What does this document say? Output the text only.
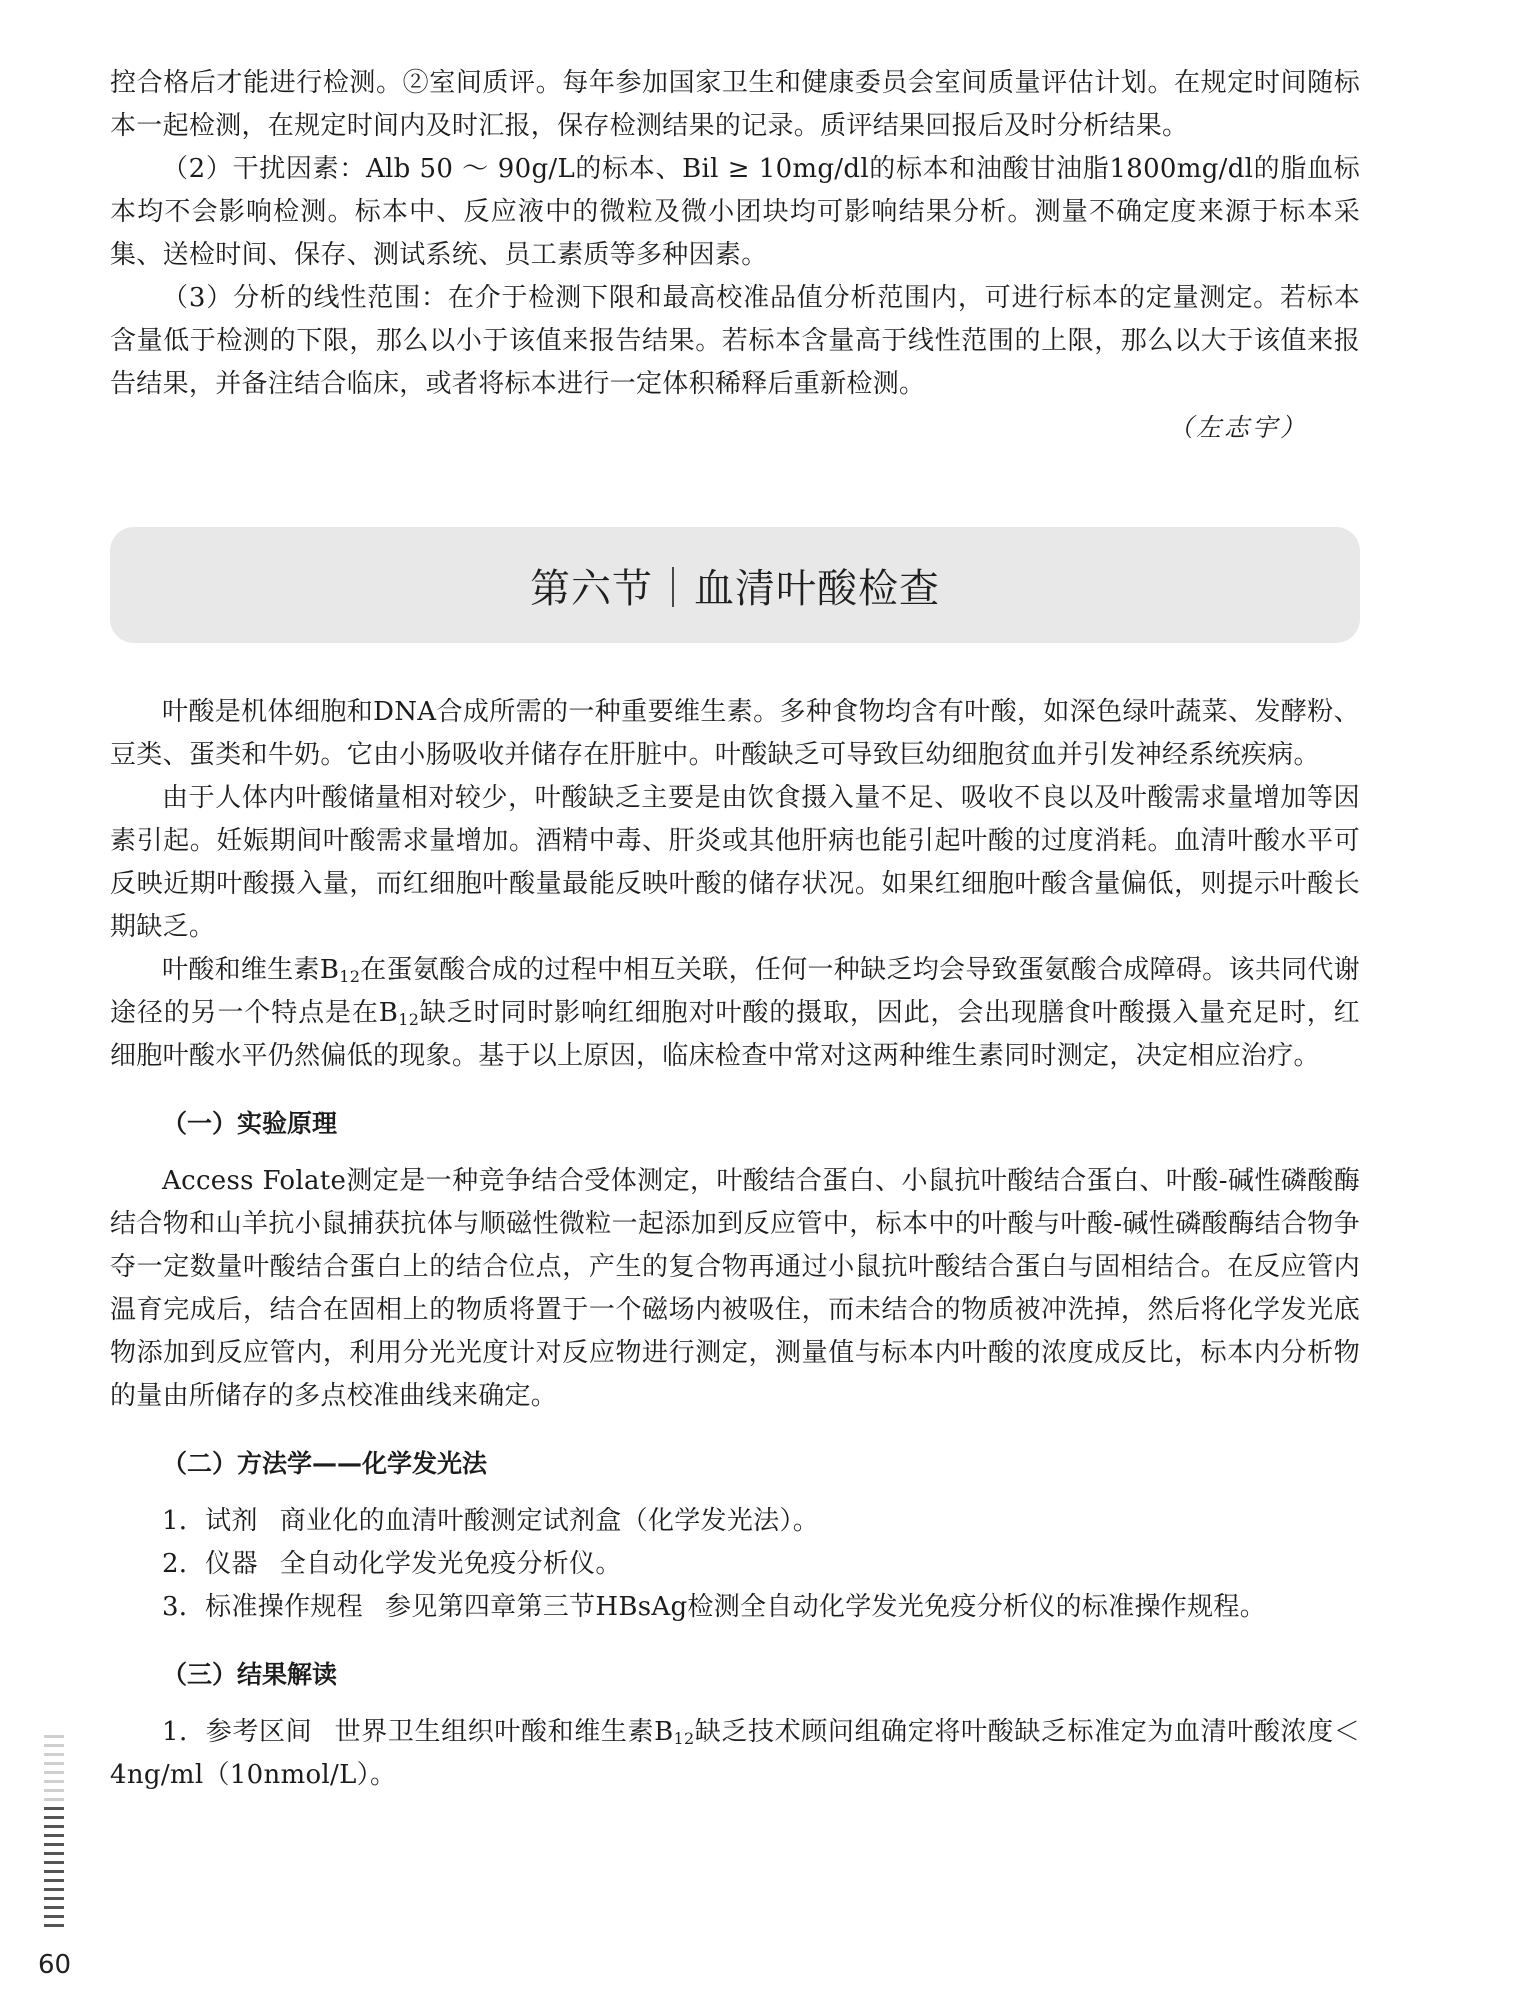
控合格后才能进行检测。②室间质评。每年参加国家卫生和健康委员会室间质量评估计划。在规定时间随标本一起检测，在规定时间内及时汇报，保存检测结果的记录。质评结果回报后及时分析结果。

（2）干扰因素：Alb 50 ～ 90g/L的标本、Bil ≥ 10mg/dl的标本和油酸甘油脂1800mg/dl的脂血标本均不会影响检测。标本中、反应液中的微粒及微小团块均可影响结果分析。测量不确定度来源于标本采集、送检时间、保存、测试系统、员工素质等多种因素。

（3）分析的线性范围：在介于检测下限和最高校准品值分析范围内，可进行标本的定量测定。若标本含量低于检测的下限，那么以小于该值来报告结果。若标本含量高于线性范围的上限，那么以大于该值来报告结果，并备注结合临床，或者将标本进行一定体积稀释后重新检测。

（左志宇）
第六节｜血清叶酸检查

叶酸是机体细胞和DNA合成所需的一种重要维生素。多种食物均含有叶酸，如深色绿叶蔬菜、发酵粉、豆类、蛋类和牛奶。它由小肠吸收并储存在肝脏中。叶酸缺乏可导致巨幼细胞贫血并引发神经系统疾病。

由于人体内叶酸储量相对较少，叶酸缺乏主要是由饮食摄入量不足、吸收不良以及叶酸需求量增加等因素引起。妊娠期间叶酸需求量增加。酒精中毒、肝炎或其他肝病也能引起叶酸的过度消耗。血清叶酸水平可反映近期叶酸摄入量，而红细胞叶酸量最能反映叶酸的储存状况。如果红细胞叶酸含量偏低，则提示叶酸长期缺乏。

叶酸和维生素$B_{12}$在蛋氨酸合成的过程中相互关联，任何一种缺乏均会导致蛋氨酸合成障碍。该共同代谢途径的另一个特点是在$B_{12}$缺乏时同时影响红细胞对叶酸的摄取，因此，会出现膳食叶酸摄入量充足时，红细胞叶酸水平仍然偏低的现象。基于以上原因，临床检查中常对这两种维生素同时测定，决定相应治疗。

（一）实验原理

Access Folate测定是一种竞争结合受体测定，叶酸结合蛋白、小鼠抗叶酸结合蛋白、叶酸-碱性磷酸酶结合物和山羊抗小鼠捕获抗体与顺磁性微粒一起添加到反应管中，标本中的叶酸与叶酸-碱性磷酸酶结合物争夺一定数量叶酸结合蛋白上的结合位点，产生的复合物再通过小鼠抗叶酸结合蛋白与固相结合。在反应管内温育完成后，结合在固相上的物质将置于一个磁场内被吸住，而未结合的物质被冲洗掉，然后将化学发光底物添加到反应管内，利用分光光度计对反应物进行测定，测量值与标本内叶酸的浓度成反比，标本内分析物的量由所储存的多点校准曲线来确定。

（二）方法学——化学发光法
1．试剂 商业化的血清叶酸测定试剂盒（化学发光法）。
2．仪器 全自动化学发光免疫分析仪。
3．标准操作规程 参见第四章第三节HBsAg检测全自动化学发光免疫分析仪的标准操作规程。
（三）结果解读

1．参考区间 世界卫生组织叶酸和维生素$B_{12}$缺乏技术顾问组确定将叶酸缺乏标准定为血清叶酸浓度＜4ng/ml（10nmol/L）。

60
